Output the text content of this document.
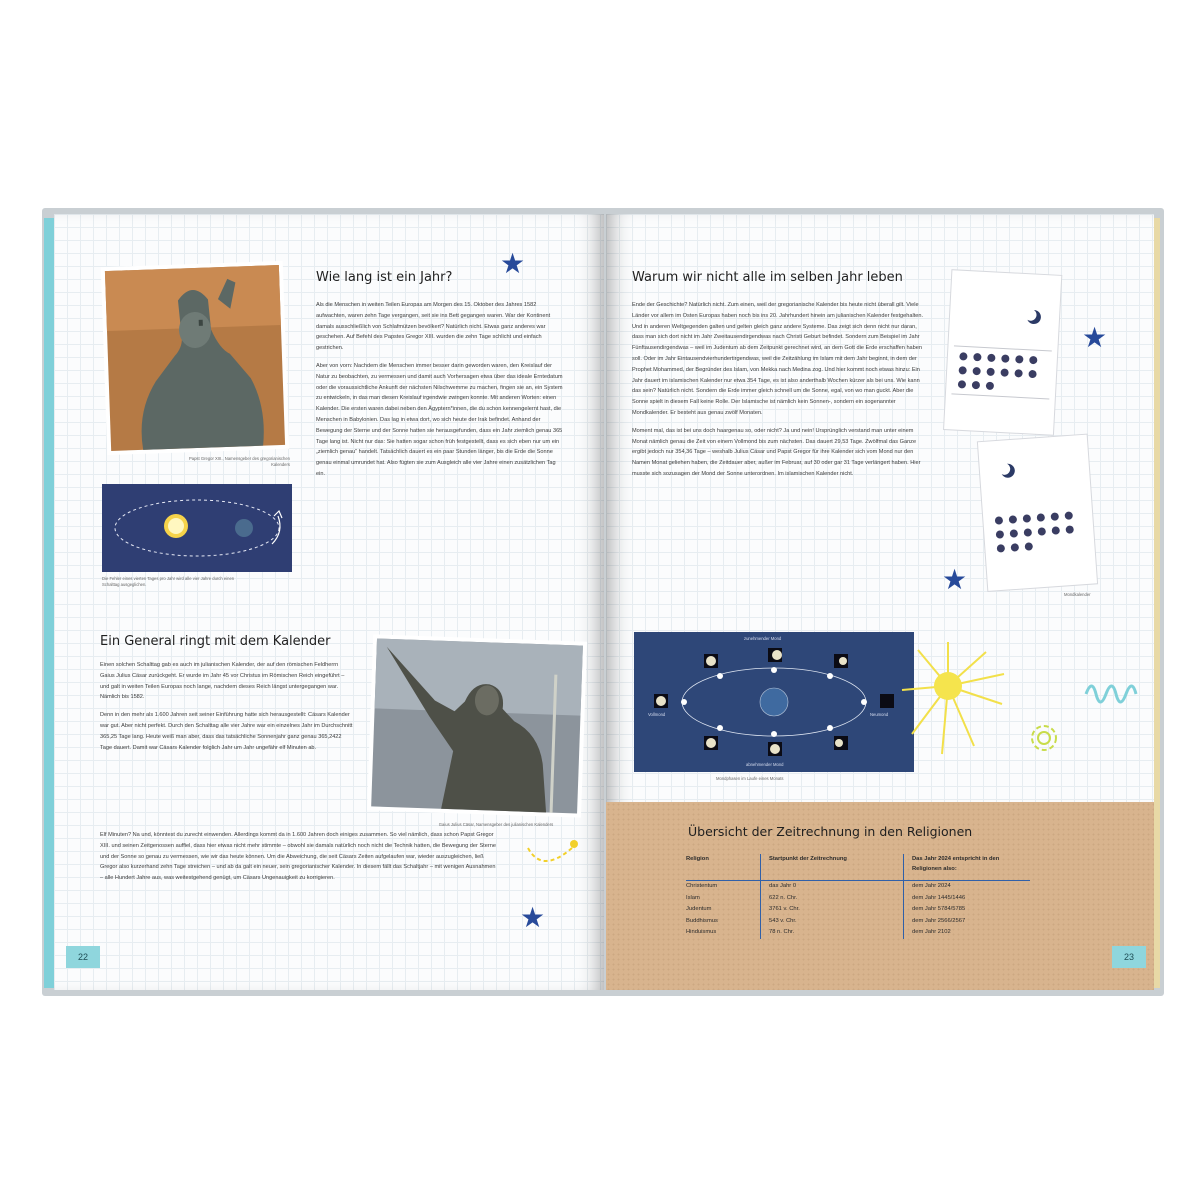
Papst Gregor XIII., Namensgeber des gregorianischen Kalenders
Wie lang ist ein Jahr? ★

Als die Menschen in weiten Teilen Europas am Morgen des 15. Oktober des Jahres 1582 aufwachten, waren zehn Tage vergangen, seit sie ins Bett gegangen waren. War der Kontinent damals ausschließlich von Schlafmützen bevölkert? Natürlich nicht. Etwas ganz anderes war geschehen. Auf Befehl des Papstes Gregor XIII. wurden die zehn Tage schlicht und einfach gestrichen.

Aber von vorn: Nachdem die Menschen immer besser darin geworden waren, den Kreislauf der Natur zu beobachten, zu vermessen und damit auch Vorhersagen etwa über das ideale Erntedatum oder die voraussichtliche Ankunft der nächsten Nilschwemme zu machen, fingen sie an, ein System zu entwickeln, in das man diesen Kreislauf irgendwie zwingen konnte. Mit anderen Worten: einen Kalender. Die ersten waren dabei neben den Ägyptern*innen, die du schon kennengelernt hast, die Menschen in Babylonien. Das lag in etwa dort, wo sich heute der Irak befindet. Anhand der Bewegung der Sterne und der Sonne hatten sie herausgefunden, dass ein Jahr ziemlich genau 365 Tage lang ist. Nicht nur das: Sie hatten sogar schon früh festgestellt, dass es sich eben nur um ein „ziemlich genau“ handelt. Tatsächlich dauert es ein paar Stunden länger, bis die Erde die Sonne genau einmal umrundet hat. Also fügten sie zum Ausgleich alle vier Jahre einen zusätzlichen Tag ein.

Die Fehler eines vierten Tages pro Jahr wird alle vier Jahre durch einen Schalttag ausgeglichen.
Ein General ringt mit dem Kalender

Einen solchen Schalttag gab es auch im julianischen Kalender, der auf den römischen Feldherrn Gaius Julius Cäsar zurückgeht. Er wurde im Jahr 45 vor Christus im Römischen Reich eingeführt – und galt in weiten Teilen Europas noch lange, nachdem dieses Reich längst untergegangen war. Nämlich bis 1582.

Denn in den mehr als 1.600 Jahren seit seiner Einführung hatte sich herausgestellt: Cäsars Kalender war gut. Aber nicht perfekt. Durch den Schalttag alle vier Jahre war ein einzelnes Jahr im Durchschnitt 365,25 Tage lang. Heute weiß man aber, dass das tatsächliche Sonnenjahr ganz genau 365,2422 Tage dauert. Damit war Cäsars Kalender folglich Jahr um Jahr ungefähr elf Minuten ab.

Elf Minuten? Na und, könntest du zurecht einwenden. Allerdings kommt da in 1.600 Jahren doch einiges zusammen. So viel nämlich, dass schon Papst Gregor XIII. und seinen Zeitgenossen auffiel, dass hier etwas nicht mehr stimmte – obwohl sie damals natürlich noch nicht die Technik hatten, die Bewegung der Sterne und der Sonne so genau zu vermessen, wie wir das heute können. Um die Abweichung, die seit Cäsars Zeiten aufgelaufen war, wieder auszugleichen, ließ Gregor also kurzerhand zehn Tage streichen – und ab da galt ein neuer, sein gregorianischer Kalender. In diesem fällt das Schaltjahr – mit wenigen Ausnahmen – alle Hundert Jahre aus, was weitestgehend genügt, um Cäsars Ungenauigkeit zu korrigieren.

Gaius Julius Cäsar, Namensgeber des julianischen Kalenders
★
22
Warum wir nicht alle im selben Jahr leben

Ende der Geschichte? Natürlich nicht. Zum einen, weil der gregorianische Kalender bis heute nicht überall gilt. Viele Länder vor allem im Osten Europas haben noch bis ins 20. Jahrhundert hinein am julianischen Kalender festgehalten. Und in anderen Weltgegenden galten und gelten gleich ganz andere Systeme. Das zeigt sich denn nicht nur daran, dass man sich dort nicht im Jahr Zweitausendirgendwas nach Christi Geburt befindet. Sondern zum Beispiel im Jahr Fünftausendirgendwas – weil im Judentum ab dem Zeitpunkt gerechnet wird, an dem Gott die Erde erschaffen haben soll. Oder im Jahr Eintausendvierhundertirgendwas, weil die Zeitzählung im Islam mit dem Jahr beginnt, in dem der Prophet Mohammed, der Begründer des Islam, von Mekka nach Medina zog. Und hier kommt noch etwas hinzu: Ein Jahr dauert im islamischen Kalender nur etwa 354 Tage, es ist also anderthalb Wochen kürzer als bei uns. Wie kann das sein? Natürlich nicht. Sondern die Erde immer gleich schnell um die Sonne, egal, von wo man guckt. Aber die Sonne spielt in diesem Fall keine Rolle. Der Islamische ist nämlich kein Sonnen-, sondern ein sogenannter Mondkalender. Er besteht aus genau zwölf Monaten.

Moment mal, das ist bei uns doch haargenau so, oder nicht? Ja und nein! Ursprünglich verstand man unter einem Monat nämlich genau die Zeit von einem Vollmond bis zum nächsten. Das dauert 29,53 Tage. Zwölfmal das Ganze ergibt jedoch nur 354,36 Tage – weshalb Julius Cäsar und Papst Gregor für ihre Kalender sich vom Mond nur den Namen Monat geliehen haben, die Zeitdauer aber, außer im Februar, auf 30 oder gar 31 Tage verlängert haben. Hier musste sich sozusagen der Mond der Sonne unterordnen. Im islamischen Kalender nicht.

Mondkalender
★
★
zunehmender Mond
Vollmond	Neumond
abnehmender Mond
Mondphasen im Laufe eines Monats
Übersicht der Zeitrechnung in den Religionen
Religion	Startpunkt der Zeitrechnung	Das Jahr 2024 entspricht in den Religionen also:
Christentum	das Jahr 0	dem Jahr 2024
Islam	622 n. Chr.	dem Jahr 1445/1446
Judentum	3761 v. Chr.	dem Jahr 5784/5785
Buddhismus	543 v. Chr.	dem Jahr 2566/2567
Hinduismus	78 n. Chr.	dem Jahr 2102
23
